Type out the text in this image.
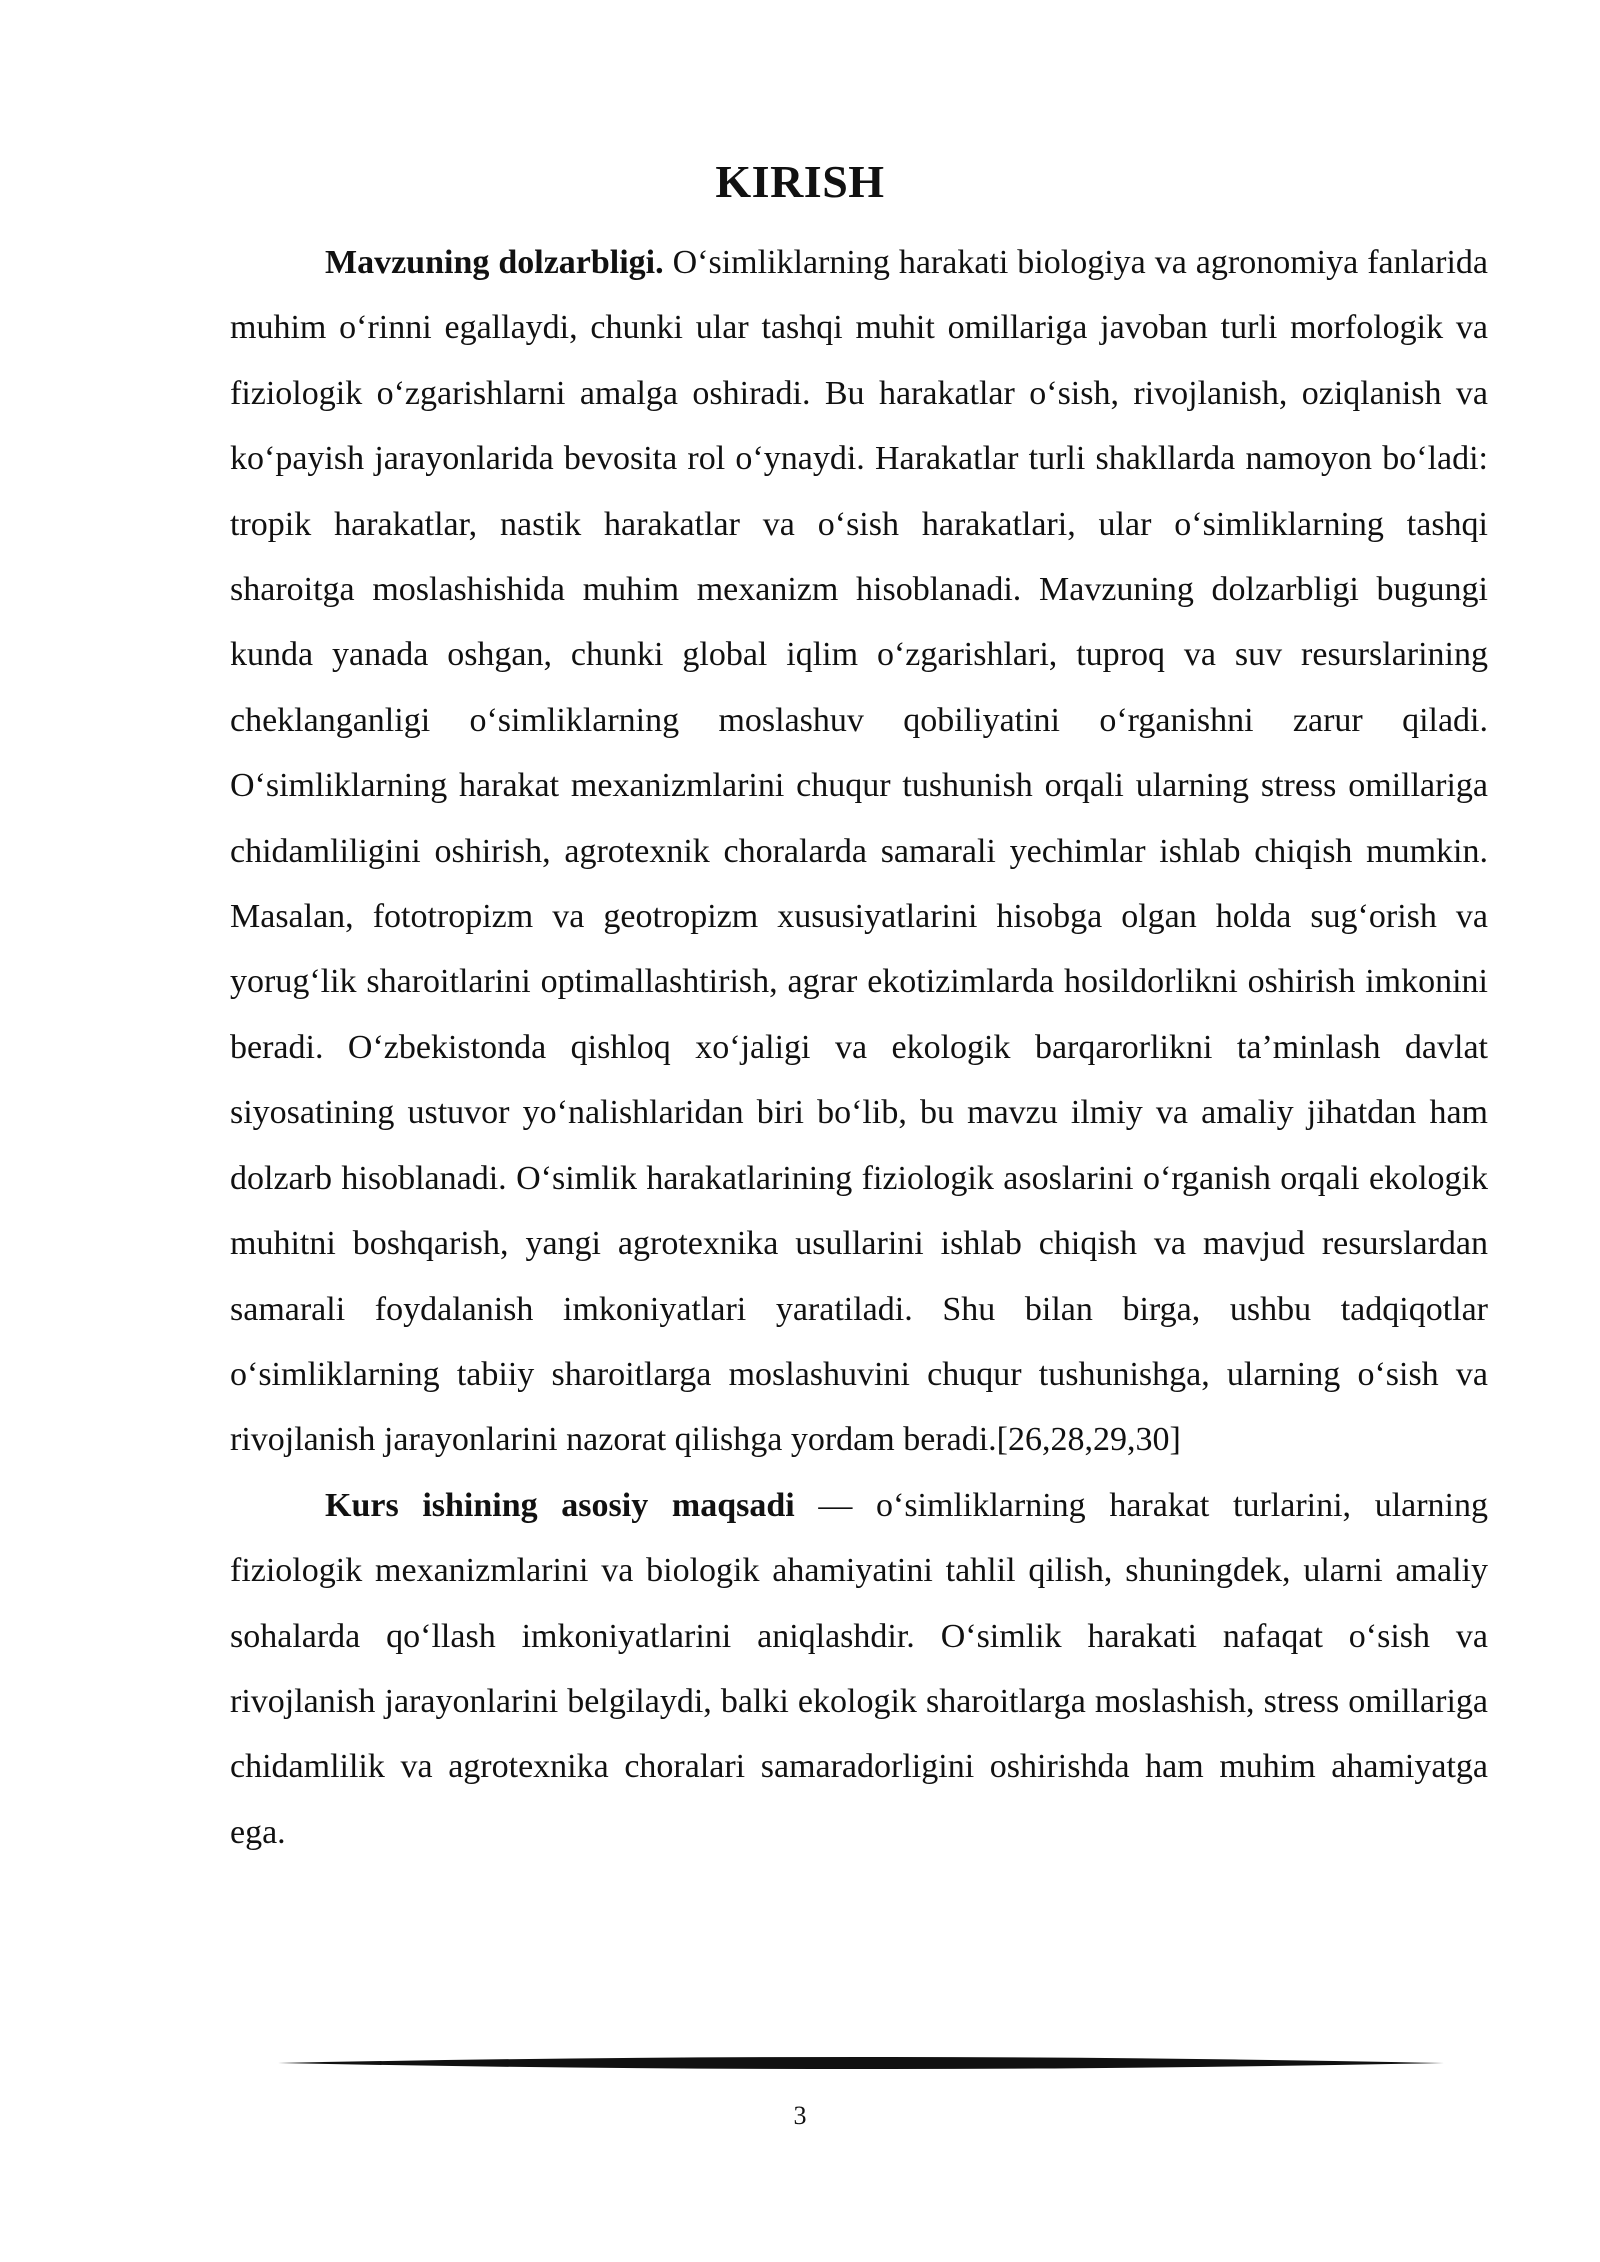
KIRISH

Mavzuning dolzarbligi. O‘simliklarning harakati biologiya va agronomiya fanlarida muhim o‘rinni egallaydi, chunki ular tashqi muhit omillariga javoban turli morfologik va fiziologik o‘zgarishlarni amalga oshiradi. Bu harakatlar o‘sish, rivojlanish, oziqlanish va ko‘payish jarayonlarida bevosita rol o‘ynaydi. Harakatlar turli shakllarda namoyon bo‘ladi: tropik harakatlar, nastik harakatlar va o‘sish harakatlari, ular o‘simliklarning tashqi sharoitga moslashishida muhim mexanizm hisoblanadi. Mavzuning dolzarbligi bugungi kunda yanada oshgan, chunki global iqlim o‘zgarishlari, tuproq va suv resurslarining cheklanganligi o‘simliklarning moslashuv qobiliyatini o‘rganishni zarur qiladi. O‘simliklarning harakat mexanizmlarini chuqur tushunish orqali ularning stress omillariga chidamliligini oshirish, agrotexnik choralarda samarali yechimlar ishlab chiqish mumkin. Masalan, fototropizm va geotropizm xususiyatlarini hisobga olgan holda sug‘orish va yorug‘lik sharoitlarini optimallashtirish, agrar ekotizimlarda hosildorlikni oshirish imkonini beradi. O‘zbekistonda qishloq xo‘jaligi va ekologik barqarorlikni ta’minlash davlat siyosatining ustuvor yo‘nalishlaridan biri bo‘lib, bu mavzu ilmiy va amaliy jihatdan ham dolzarb hisoblanadi. O‘simlik harakatlarining fiziologik asoslarini o‘rganish orqali ekologik muhitni boshqarish, yangi agrotexnika usullarini ishlab chiqish va mavjud resurslardan samarali foydalanish imkoniyatlari yaratiladi. Shu bilan birga, ushbu tadqiqotlar o‘simliklarning tabiiy sharoitlarga moslashuvini chuqur tushunishga, ularning o‘sish va rivojlanish jarayonlarini nazorat qilishga yordam beradi.[26,28,29,30]

Kurs ishining asosiy maqsadi — o‘simliklarning harakat turlarini, ularning fiziologik mexanizmlarini va biologik ahamiyatini tahlil qilish, shuningdek, ularni amaliy sohalarda qo‘llash imkoniyatlarini aniqlashdir. O‘simlik harakati nafaqat o‘sish va rivojlanish jarayonlarini belgilaydi, balki ekologik sharoitlarga moslashish, stress omillariga chidamlilik va agrotexnika choralari samaradorligini oshirishda ham muhim ahamiyatga ega.

3
